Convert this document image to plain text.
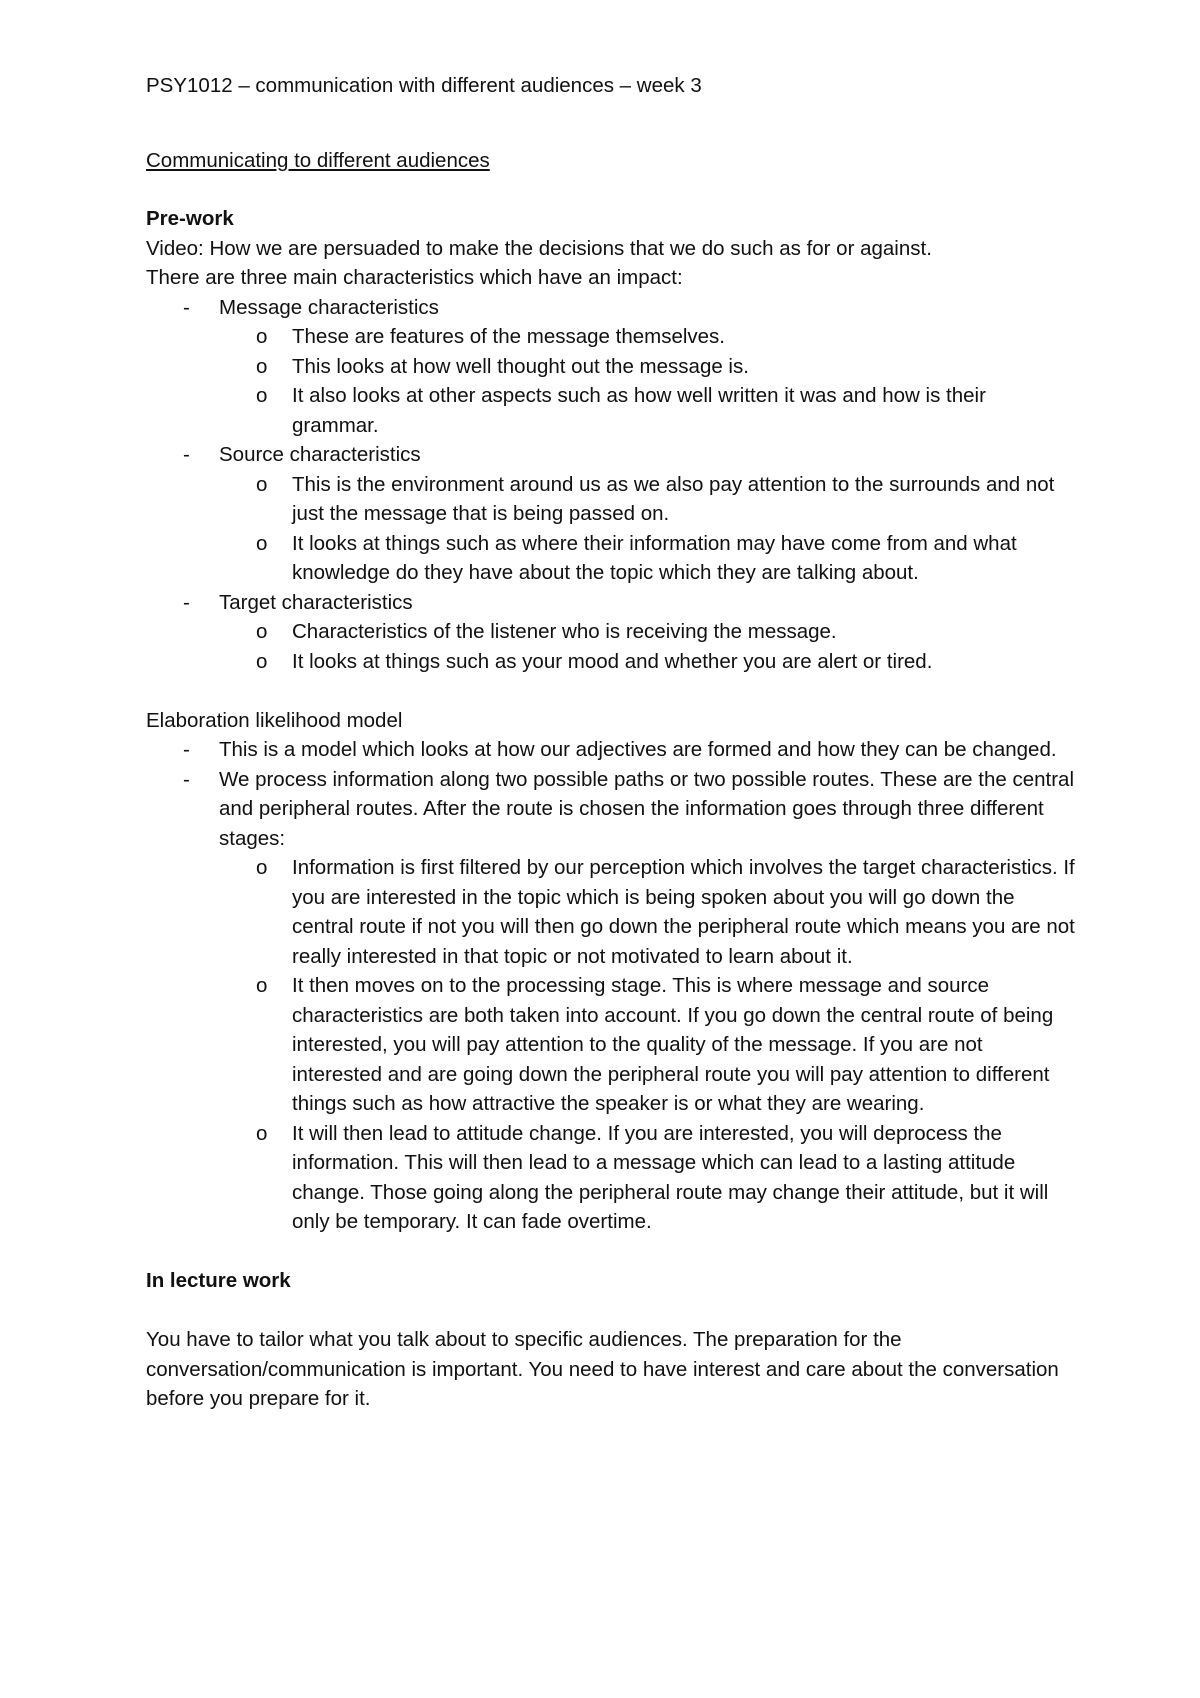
PSY1012 – communication with different audiences – week 3

Communicating to different audiences

Pre-work

Video: How we are persuaded to make the decisions that we do such as for or against.

There are three main characteristics which have an impact:

- Message characteristics
o These are features of the message themselves.
o This looks at how well thought out the message is.
o It also looks at other aspects such as how well written it was and how is their grammar.
- Source characteristics
o This is the environment around us as we also pay attention to the surrounds and not just the message that is being passed on.
o It looks at things such as where their information may have come from and what knowledge do they have about the topic which they are talking about.
- Target characteristics
o Characteristics of the listener who is receiving the message.
o It looks at things such as your mood and whether you are alert or tired.

Elaboration likelihood model

- This is a model which looks at how our adjectives are formed and how they can be changed.
- We process information along two possible paths or two possible routes. These are the central and peripheral routes. After the route is chosen the information goes through three different stages:
o Information is first filtered by our perception which involves the target characteristics. If you are interested in the topic which is being spoken about you will go down the central route if not you will then go down the peripheral route which means you are not really interested in that topic or not motivated to learn about it.
o It then moves on to the processing stage. This is where message and source characteristics are both taken into account. If you go down the central route of being interested, you will pay attention to the quality of the message. If you are not interested and are going down the peripheral route you will pay attention to different things such as how attractive the speaker is or what they are wearing.
o It will then lead to attitude change. If you are interested, you will deprocess the information. This will then lead to a message which can lead to a lasting attitude change. Those going along the peripheral route may change their attitude, but it will only be temporary. It can fade overtime.

In lecture work

You have to tailor what you talk about to specific audiences. The preparation for the conversation/communication is important. You need to have interest and care about the conversation before you prepare for it.
